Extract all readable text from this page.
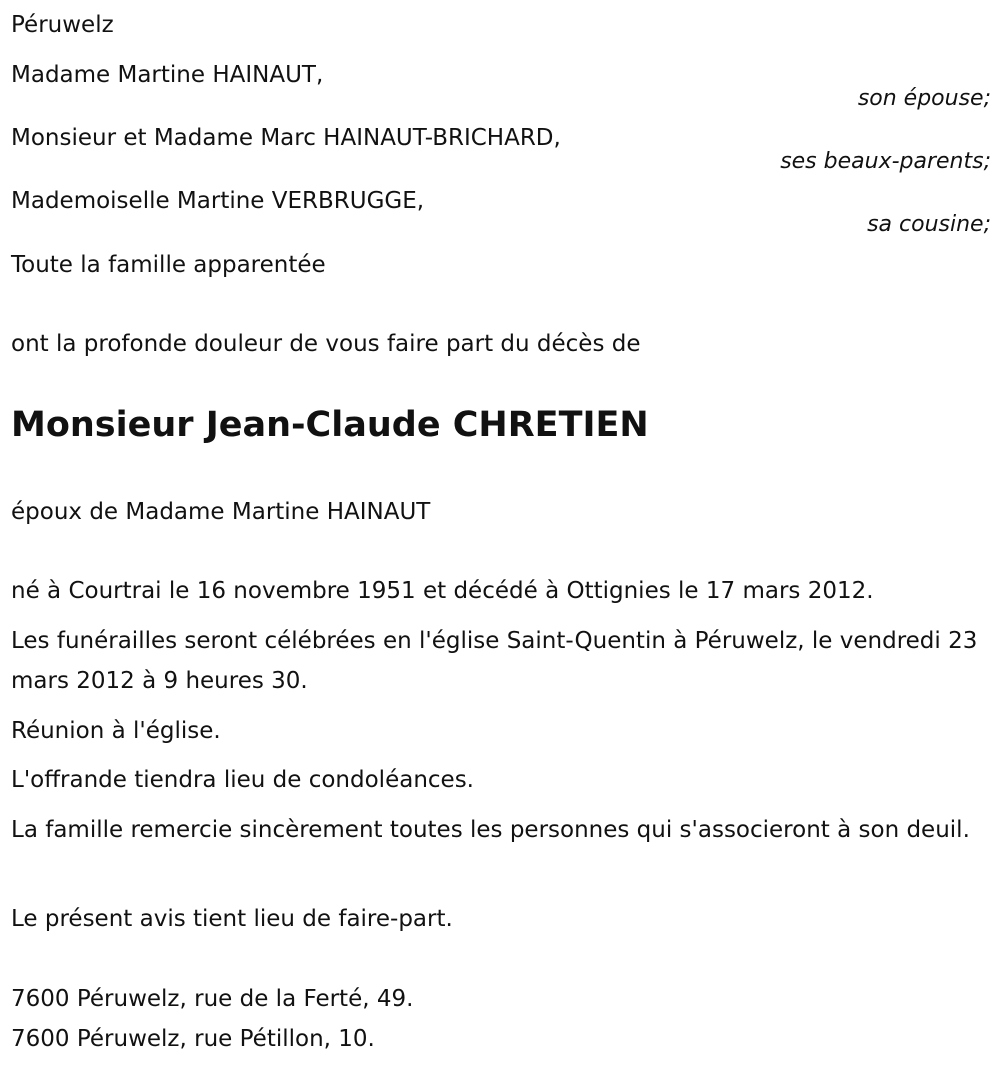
Péruwelz
Madame Martine HAINAUT,
son épouse;
Monsieur et Madame Marc HAINAUT-BRICHARD,
ses beaux-parents;
Mademoiselle Martine VERBRUGGE,
sa cousine;
Toute la famille apparentée
ont la profonde douleur de vous faire part du décès de
Monsieur Jean-Claude CHRETIEN
époux de Madame Martine HAINAUT
né à Courtrai le 16 novembre 1951 et décédé à Ottignies le 17 mars 2012.
Les funérailles seront célébrées en l'église Saint-Quentin à Péruwelz, le vendredi 23 mars 2012 à 9 heures 30.
Réunion à l'église.
L'offrande tiendra lieu de condoléances.
La famille remercie sincèrement toutes les personnes qui s'associeront à son deuil.
Le présent avis tient lieu de faire-part.
7600 Péruwelz, rue de la Ferté, 49.
7600 Péruwelz, rue Pétillon, 10.
